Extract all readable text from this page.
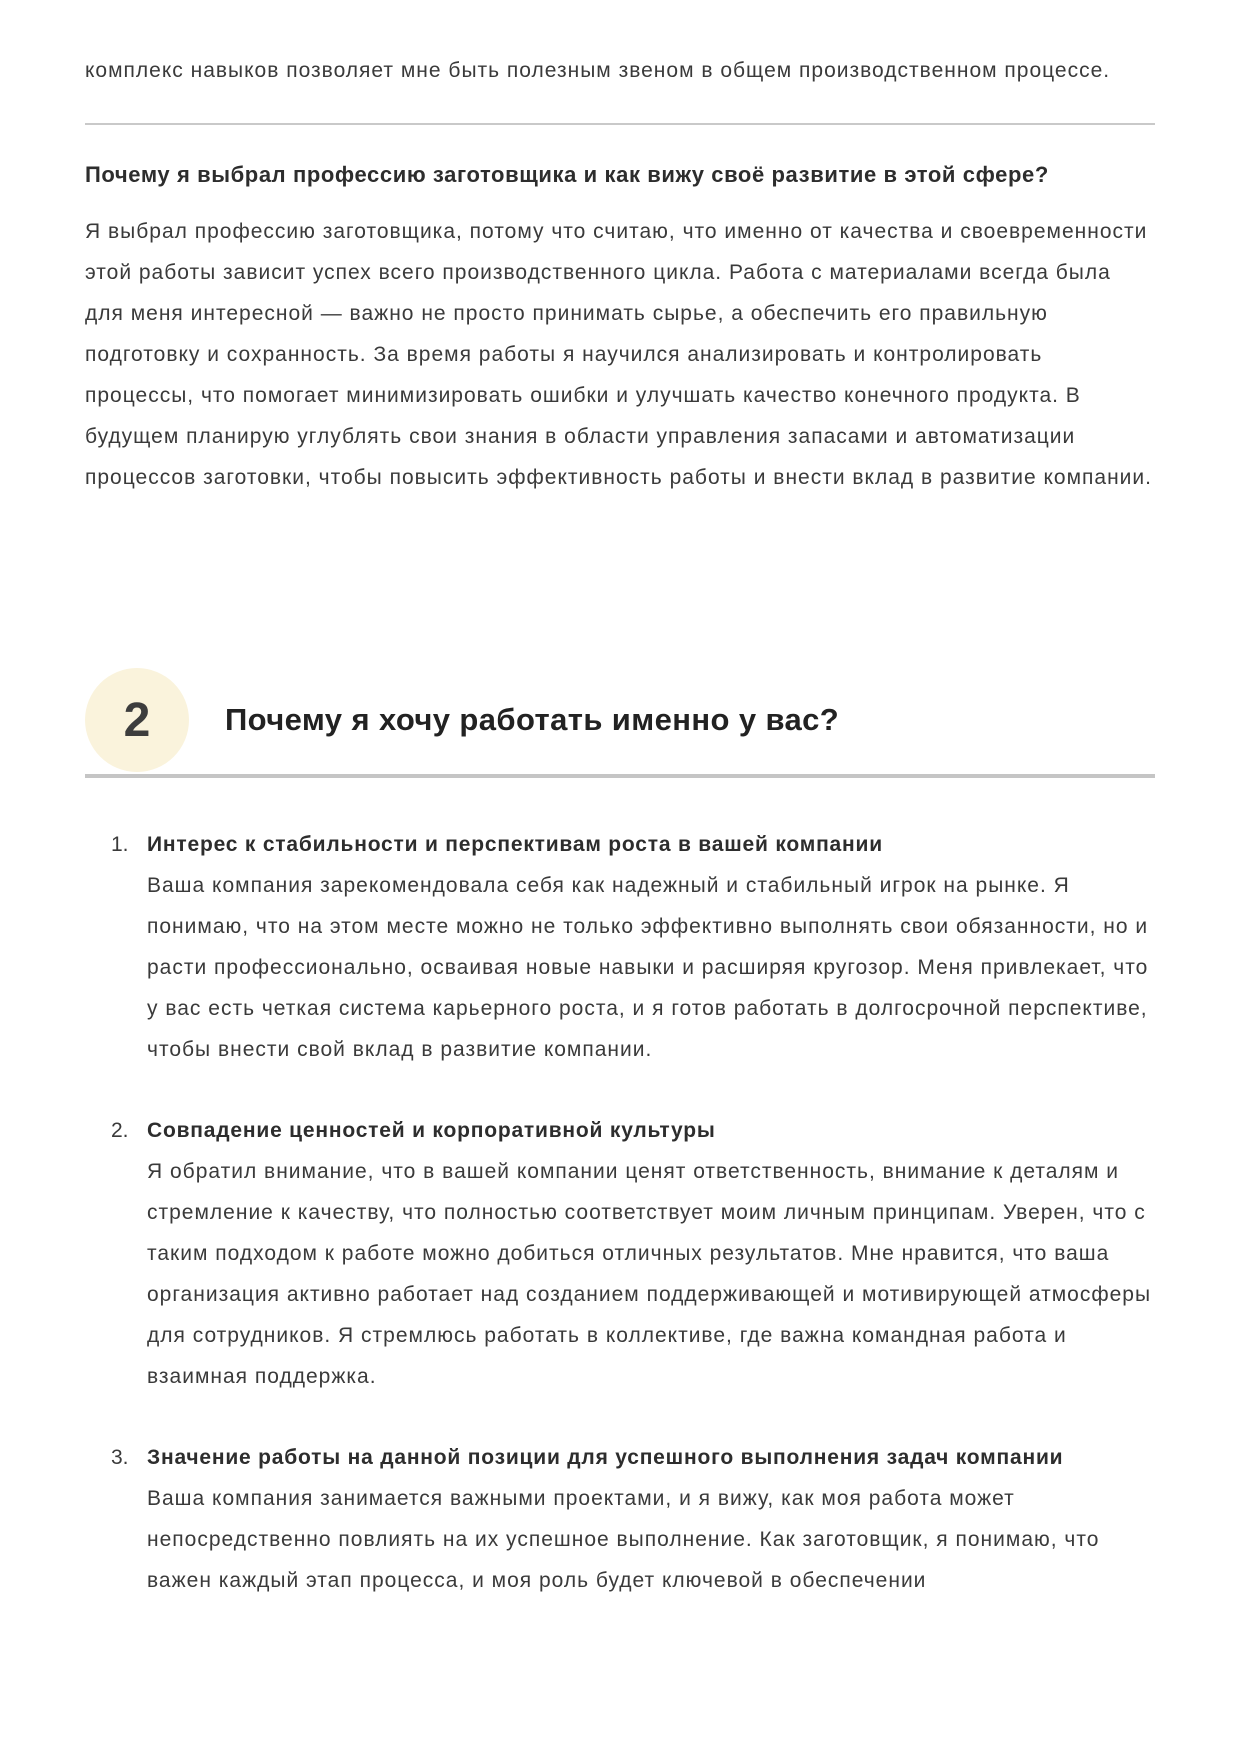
комплекс навыков позволяет мне быть полезным звеном в общем производственном процессе.

Почему я выбрал профессию заготовщика и как вижу своё развитие в этой сфере?

Я выбрал профессию заготовщика, потому что считаю, что именно от качества и своевременности этой работы зависит успех всего производственного цикла. Работа с материалами всегда была для меня интересной — важно не просто принимать сырье, а обеспечить его правильную подготовку и сохранность. За время работы я научился анализировать и контролировать процессы, что помогает минимизировать ошибки и улучшать качество конечного продукта. В будущем планирую углублять свои знания в области управления запасами и автоматизации процессов заготовки, чтобы повысить эффективность работы и внести вклад в развитие компании.

2 Почему я хочу работать именно у вас?
1. Интерес к стабильности и перспективам роста в вашей компании

Ваша компания зарекомендовала себя как надежный и стабильный игрок на рынке. Я понимаю, что на этом месте можно не только эффективно выполнять свои обязанности, но и расти профессионально, осваивая новые навыки и расширяя кругозор. Меня привлекает, что у вас есть четкая система карьерного роста, и я готов работать в долгосрочной перспективе, чтобы внести свой вклад в развитие компании.

2. Совпадение ценностей и корпоративной культуры

Я обратил внимание, что в вашей компании ценят ответственность, внимание к деталям и стремление к качеству, что полностью соответствует моим личным принципам. Уверен, что с таким подходом к работе можно добиться отличных результатов. Мне нравится, что ваша организация активно работает над созданием поддерживающей и мотивирующей атмосферы для сотрудников. Я стремлюсь работать в коллективе, где важна командная работа и взаимная поддержка.

3. Значение работы на данной позиции для успешного выполнения задач компании

Ваша компания занимается важными проектами, и я вижу, как моя работа может непосредственно повлиять на их успешное выполнение. Как заготовщик, я понимаю, что важен каждый этап процесса, и моя роль будет ключевой в обеспечении
